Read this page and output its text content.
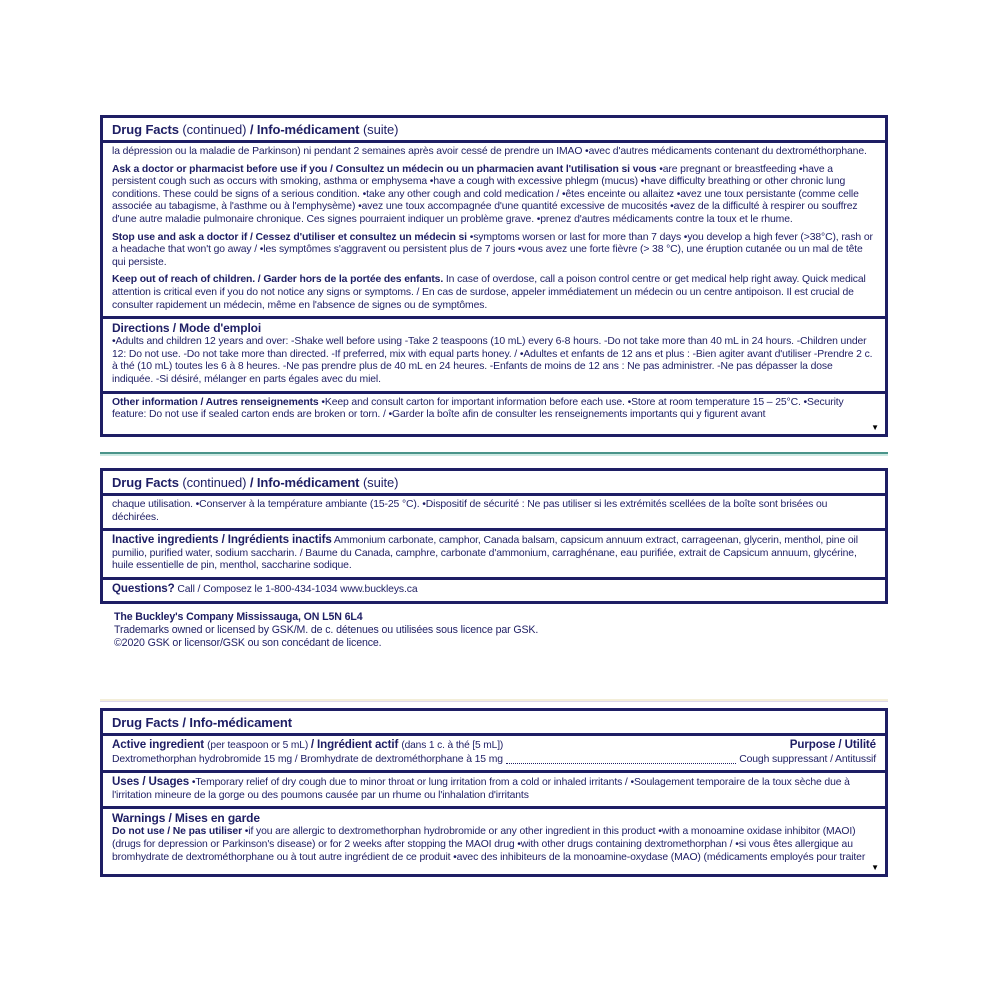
Drug Facts (continued) / Info-médicament (suite)

la dépression ou la maladie de Parkinson) ni pendant 2 semaines après avoir cessé de prendre un IMAO •avec d'autres médicaments contenant du dextrométhorphane.

Ask a doctor or pharmacist before use if you / Consultez un médecin ou un pharmacien avant l'utilisation si vous •are pregnant or breastfeeding •have a persistent cough such as occurs with smoking, asthma or emphysema •have a cough with excessive phlegm (mucus) •have difficulty breathing or other chronic lung conditions. These could be signs of a serious condition. •take any other cough and cold medication / •êtes enceinte ou allaitez •avez une toux persistante (comme celle associée au tabagisme, à l'asthme ou à l'emphysème) •avez une toux accompagnée d'une quantité excessive de mucosités •avez de la difficulté à respirer ou souffrez d'une autre maladie pulmonaire chronique. Ces signes pourraient indiquer un problème grave. •prenez d'autres médicaments contre la toux et le rhume.

Stop use and ask a doctor if / Cessez d'utiliser et consultez un médecin si •symptoms worsen or last for more than 7 days •you develop a high fever (>38°C), rash or a headache that won't go away / •les symptômes s'aggravent ou persistent plus de 7 jours •vous avez une forte fièvre (> 38 °C), une éruption cutanée ou un mal de tête qui persiste.

Keep out of reach of children. / Garder hors de la portée des enfants. In case of overdose, call a poison control centre or get medical help right away. Quick medical attention is critical even if you do not notice any signs or symptoms. / En cas de surdose, appeler immédiatement un médecin ou un centre antipoison. Il est crucial de consulter rapidement un médecin, même en l'absence de signes ou de symptômes.

Directions / Mode d'emploi

•Adults and children 12 years and over: -Shake well before using -Take 2 teaspoons (10 mL) every 6-8 hours. -Do not take more than 40 mL in 24 hours. -Children under 12: Do not use. -Do not take more than directed. -If preferred, mix with equal parts honey. / •Adultes et enfants de 12 ans et plus : -Bien agiter avant d'utiliser -Prendre 2 c. à thé (10 mL) toutes les 6 à 8 heures. -Ne pas prendre plus de 40 mL en 24 heures. -Enfants de moins de 12 ans : Ne pas administrer. -Ne pas dépasser la dose indiquée. -Si désiré, mélanger en parts égales avec du miel.

Other information / Autres renseignements •Keep and consult carton for important information before each use. •Store at room temperature 15 – 25°C. •Security feature: Do not use if sealed carton ends are broken or torn. / •Garder la boîte afin de consulter les renseignements importants qui y figurent avant

▼
Drug Facts (continued) / Info-médicament (suite)

chaque utilisation. •Conserver à la température ambiante (15-25 °C). •Dispositif de sécurité : Ne pas utiliser si les extrémités scellées de la boîte sont brisées ou déchirées.

Inactive ingredients / Ingrédients inactifs Ammonium carbonate, camphor, Canada balsam, capsicum annuum extract, carrageenan, glycerin, menthol, pine oil pumilio, purified water, sodium saccharin. / Baume du Canada, camphre, carbonate d'ammonium, carraghénane, eau purifiée, extrait de Capsicum annuum, glycérine, huile essentielle de pin, menthol, saccharine sodique.

Questions? Call / Composez le 1-800-434-1034 www.buckleys.ca

The Buckley's Company Mississauga, ON L5N 6L4
Trademarks owned or licensed by GSK/M. de c. détenues ou utilisées sous licence par GSK.
©2020 GSK or licensor/GSK ou son concédant de licence.
Drug Facts / Info-médicament
Active ingredient (per teaspoon or 5 mL) / Ingrédient actif (dans 1 c. à thé [5 mL])	Purpose / Utilité
Dextromethorphan hydrobromide 15 mg / Bromhydrate de dextrométhorphane à 15 mg	Cough suppressant / Antitussif

Uses / Usages •Temporary relief of dry cough due to minor throat or lung irritation from a cold or inhaled irritants / •Soulagement temporaire de la toux sèche due à l'irritation mineure de la gorge ou des poumons causée par un rhume ou l'inhalation d'irritants

Warnings / Mises en garde

Do not use / Ne pas utiliser •if you are allergic to dextromethorphan hydrobromide or any other ingredient in this product •with a monoamine oxidase inhibitor (MAOI) (drugs for depression or Parkinson's disease) or for 2 weeks after stopping the MAOI drug •with other drugs containing dextromethorphan / •si vous êtes allergique au bromhydrate de dextrométhorphane ou à tout autre ingrédient de ce produit •avec des inhibiteurs de la monoamine-oxydase (MAO) (médicaments employés pour traiter

▼
